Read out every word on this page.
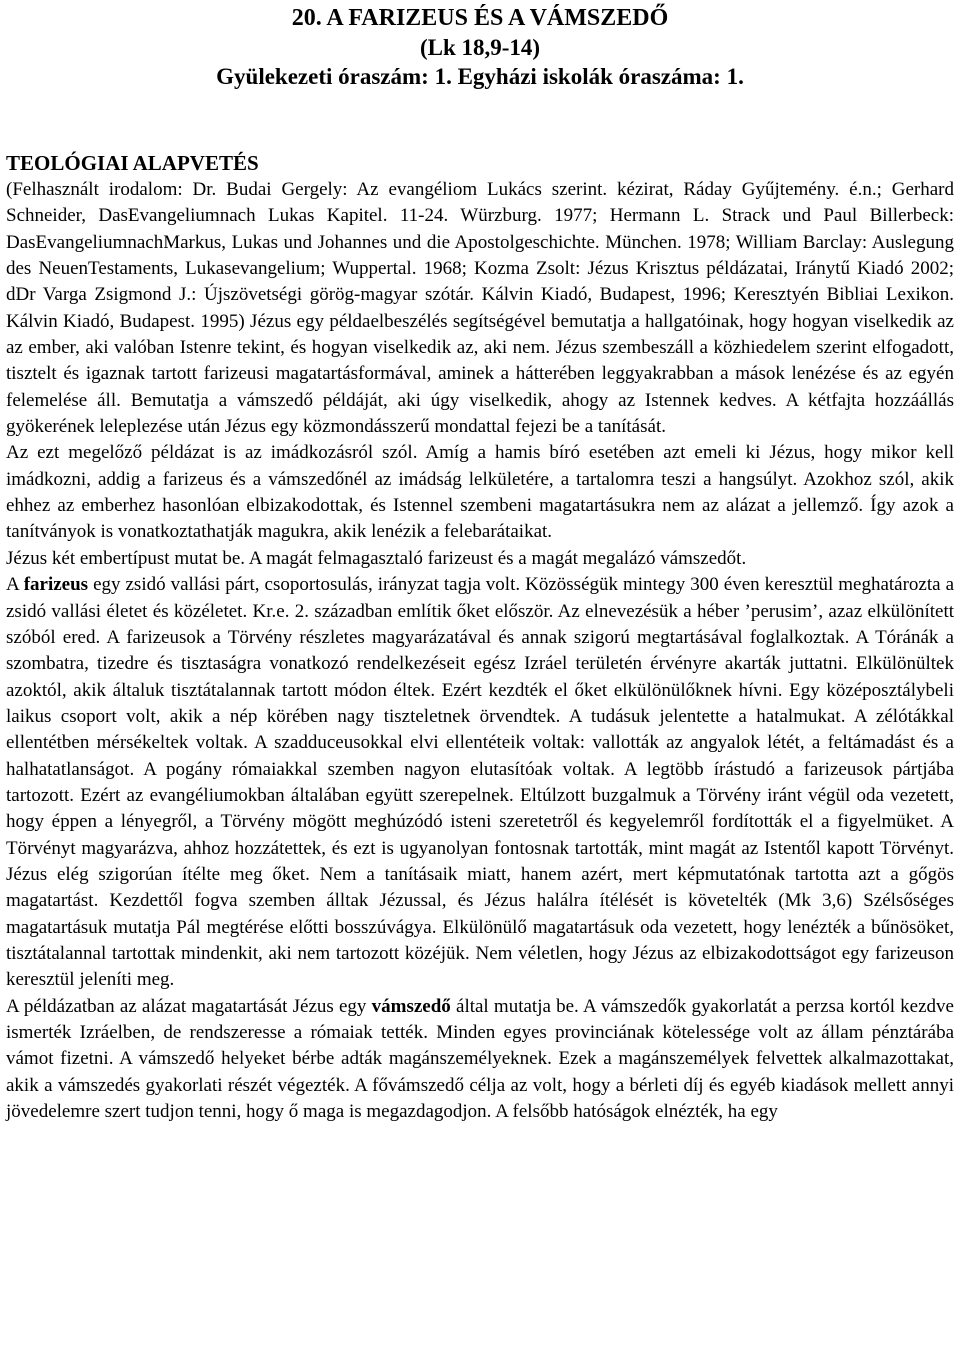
20. A FARIZEUS ÉS A VÁMSZEDŐ
(Lk 18,9-14)
Gyülekezeti óraszám: 1. Egyházi iskolák óraszáma: 1.
TEOLÓGIAI ALAPVETÉS

(Felhasznált irodalom: Dr. Budai Gergely: Az evangéliom Lukács szerint. kézirat, Ráday Gyűjtemény. é.n.; Gerhard Schneider, DasEvangeliumnach Lukas Kapitel. 11-24. Würzburg. 1977; Hermann L. Strack und Paul Billerbeck: DasEvangeliumnachMarkus, Lukas und Johannes und die Apostolgeschichte. München. 1978; William Barclay: Auslegung des NeuenTestaments, Lukasevangelium; Wuppertal. 1968; Kozma Zsolt: Jézus Krisztus példázatai, Iránytű Kiadó 2002; dDr Varga Zsigmond J.: Újszövetségi görög-magyar szótár. Kálvin Kiadó, Budapest, 1996; Keresztyén Bibliai Lexikon. Kálvin Kiadó, Budapest. 1995) Jézus egy példaelbeszélés segítségével bemutatja a hallgatóinak, hogy hogyan viselkedik az az ember, aki valóban Istenre tekint, és hogyan viselkedik az, aki nem. Jézus szembeszáll a közhiedelem szerint elfogadott, tisztelt és igaznak tartott farizeusi magatartásformával, aminek a hátterében leggyakrabban a mások lenézése és az egyén felemelése áll. Bemutatja a vámszedő példáját, aki úgy viselkedik, ahogy az Istennek kedves. A kétfajta hozzáállás gyökerének leleplezése után Jézus egy közmondásszerű mondattal fejezi be a tanítását.

Az ezt megelőző példázat is az imádkozásról szól. Amíg a hamis bíró esetében azt emeli ki Jézus, hogy mikor kell imádkozni, addig a farizeus és a vámszedőnél az imádság lelkületére, a tartalomra teszi a hangsúlyt. Azokhoz szól, akik ehhez az emberhez hasonlóan elbizakodottak, és Istennel szembeni magatartásukra nem az alázat a jellemző. Így azok a tanítványok is vonatkoztathatják magukra, akik lenézik a felebarátaikat.

Jézus két embertípust mutat be. A magát felmagasztaló farizeust és a magát megalázó vámszedőt.

A farizeus egy zsidó vallási párt, csoportosulás, irányzat tagja volt. Közösségük mintegy 300 éven keresztül meghatározta a zsidó vallási életet és közéletet. Kr.e. 2. században említik őket először. Az elnevezésük a héber ’perusim’, azaz elkülönített szóból ered. A farizeusok a Törvény részletes magyarázatával és annak szigorú megtartásával foglalkoztak. A Tóránák a szombatra, tizedre és tisztaságra vonatkozó rendelkezéseit egész Izráel területén érvényre akarták juttatni. Elkülönültek azoktól, akik általuk tisztátalannak tartott módon éltek. Ezért kezdték el őket elkülönülőknek hívni. Egy középosztálybeli laikus csoport volt, akik a nép körében nagy tiszteletnek örvendtek. A tudásuk jelentette a hatalmukat. A zélótákkal ellentétben mérsékeltek voltak. A szadduceusokkal elvi ellentéteik voltak: vallották az angyalok létét, a feltámadást és a halhatatlanságot. A pogány rómaiakkal szemben nagyon elutasítóak voltak. A legtöbb írástudó a farizeusok pártjába tartozott. Ezért az evangéliumokban általában együtt szerepelnek. Eltúlzott buzgalmuk a Törvény iránt végül oda vezetett, hogy éppen a lényegről, a Törvény mögött meghúzódó isteni szeretetről és kegyelemről fordították el a figyelmüket. A Törvényt magyarázva, ahhoz hozzátettek, és ezt is ugyanolyan fontosnak tartották, mint magát az Istentől kapott Törvényt. Jézus elég szigorúan ítélte meg őket. Nem a tanításaik miatt, hanem azért, mert képmutatónak tartotta azt a gőgös magatartást. Kezdettől fogva szemben álltak Jézussal, és Jézus halálra ítélését is követelték (Mk 3,6) Szélsőséges magatartásuk mutatja Pál megtérése előtti bosszúvágya. Elkülönülő magatartásuk oda vezetett, hogy lenézték a bűnösöket, tisztátalannal tartottak mindenkit, aki nem tartozott közéjük. Nem véletlen, hogy Jézus az elbizakodottságot egy farizeuson keresztül jeleníti meg.

A példázatban az alázat magatartását Jézus egy vámszedő által mutatja be. A vámszedők gyakorlatát a perzsa kortól kezdve ismerték Izráelben, de rendszeresse a rómaiak tették. Minden egyes provinciának kötelessége volt az állam pénztárába vámot fizetni. A vámszedő helyeket bérbe adták magánszemélyeknek. Ezek a magánszemélyek felvettek alkalmazottakat, akik a vámszedés gyakorlati részét végezték. A fővámszedő célja az volt, hogy a bérleti díj és egyéb kiadások mellett annyi jövedelemre szert tudjon tenni, hogy ő maga is megazdagodjon. A felsőbb hatóságok elnézték, ha egy
